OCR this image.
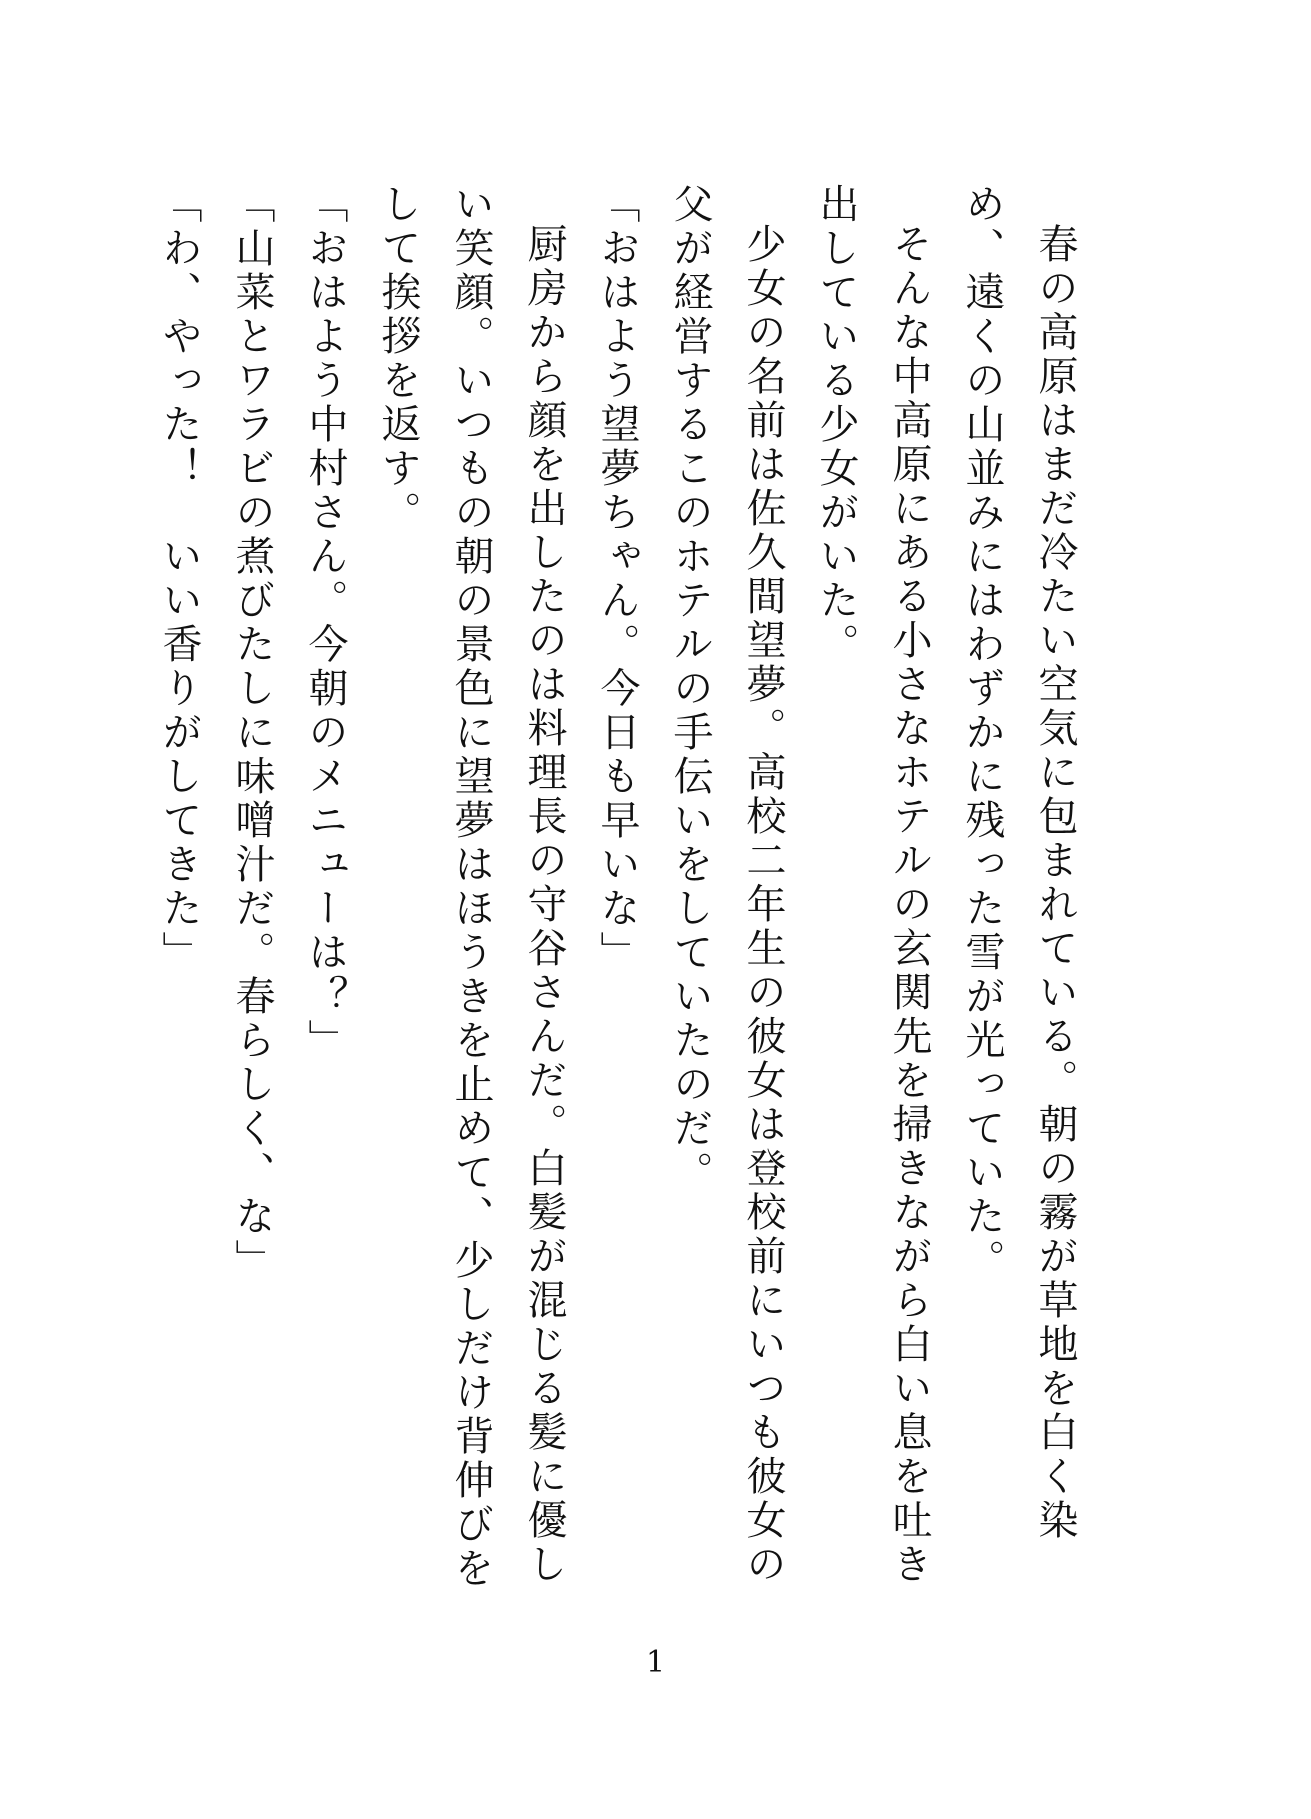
春の高原はまだ冷たい空気に包まれている。朝の霧が草地を白く染め、遠くの山並みにはわずかに残った雪が光っていた。

そんな中高原にある小さなホテルの玄関先を掃きながら白い息を吐き出している少女がいた。

少女の名前は佐久間望夢。高校二年生の彼女は登校前にいつも彼女の父が経営するこのホテルの手伝いをしていたのだ。

「おはよう望夢ちゃん。今日も早いな」

厨房から顔を出したのは料理長の守谷さんだ。白髪が混じる髪に優しい笑顔。いつもの朝の景色に望夢はほうきを止めて、少しだけ背伸びをして挨拶を返す。

「おはよう中村さん。今朝のメニューは？」

「山菜とワラビの煮びたしに味噌汁だ。春らしく、な」

「わ、やった！　いい香りがしてきた」

1
